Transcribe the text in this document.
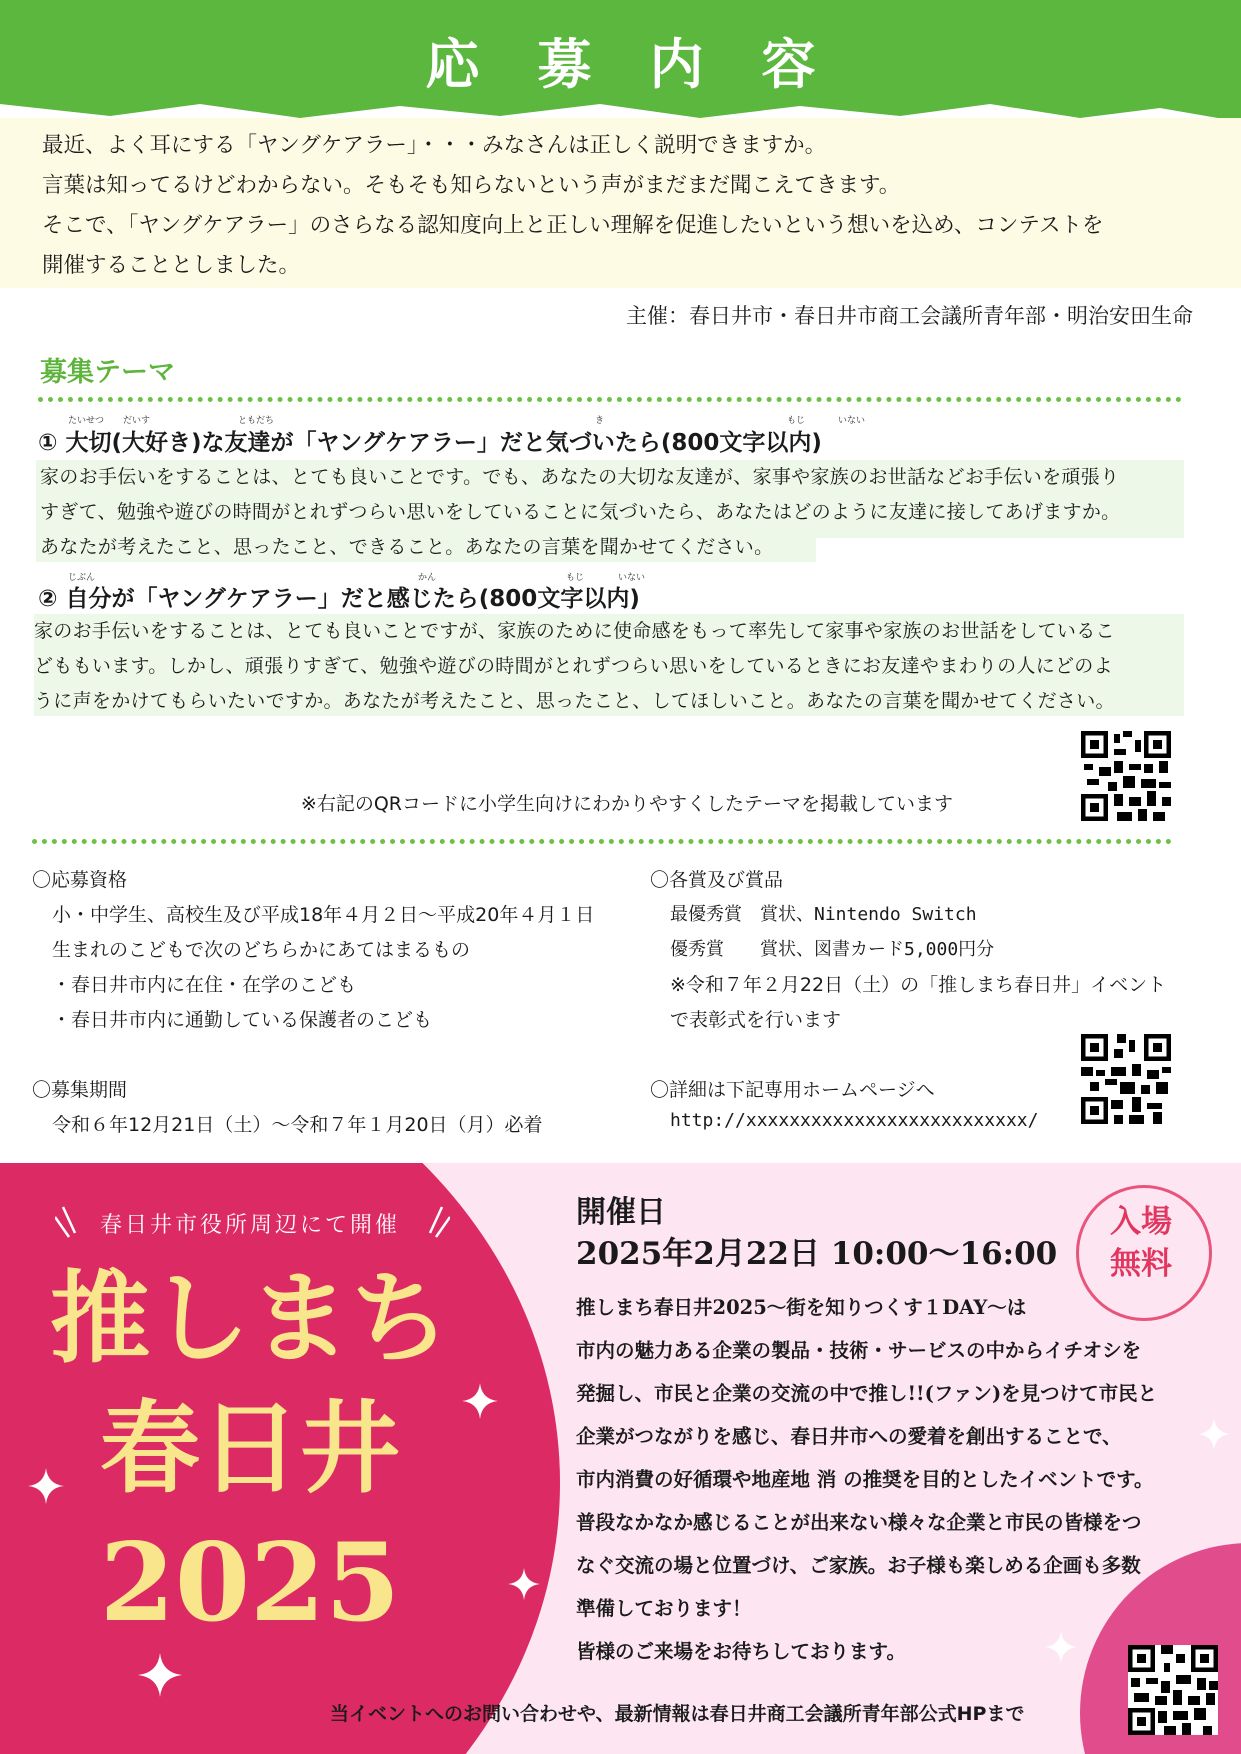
応募内容
最近、よく耳にする「ヤングケアラー」・・・みなさんは正しく説明できますか。
言葉は知ってるけどわからない。そもそも知らないという声がまだまだ聞こえてきます。
そこで、「ヤングケアラー」のさらなる認知度向上と正しい理解を促進したいという想いを込め、コンテストを
開催することとしました。
主催：春日井市・春日井市商工会議所青年部・明治安田生命
募集テーマ
たいせつ だいす	ともだち	き	もじ	いない
① 大切(大好き)な友達が「ヤングケアラー」だと気づいたら(800文字以内)
家のお手伝いをすることは、とても良いことです。でも、あなたの大切な友達が、家事や家族のお世話などお手伝いを頑張り
すぎて、勉強や遊びの時間がとれずつらい思いをしていることに気づいたら、あなたはどのように友達に接してあげますか。
あなたが考えたこと、思ったこと、できること。あなたの言葉を聞かせてください。
じぶん	かん	もじ	いない
② 自分が「ヤングケアラー」だと感じたら(800文字以内)
家のお手伝いをすることは、とても良いことですが、家族のために使命感をもって率先して家事や家族のお世話をしているこ
どももいます。しかし、頑張りすぎて、勉強や遊びの時間がとれずつらい思いをしているときにお友達やまわりの人にどのよ
うに声をかけてもらいたいですか。あなたが考えたこと、思ったこと、してほしいこと。あなたの言葉を聞かせてください。
※右記のQRコードに小学生向けにわかりやすくしたテーマを掲載しています
〇応募資格
小・中学生、高校生及び平成18年４月２日～平成20年４月１日
生まれのこどもで次のどちらかにあてはまるもの
・春日井市内に在住・在学のこども
・春日井市内に通勤している保護者のこども
〇募集期間
令和６年12月21日（土）～令和７年１月20日（月）必着
〇各賞及び賞品
最優秀賞　賞状、Nintendo Switch
優秀賞　　賞状、図書カード5,000円分
※令和７年２月22日（土）の「推しまち春日井」イベント
で表彰式を行います
〇詳細は下記専用ホームページへ
http://xxxxxxxxxxxxxxxxxxxxxxxxxx/
春日井市役所周辺にて開催
推しまち
春日井
2025
開催日
2025年2月22日 10:00～16:00
入場
無料
推しまち春日井2025～街を知りつくす１DAY～は
市内の魅力ある企業の製品・技術・サービスの中からイチオシを
発掘し、市民と企業の交流の中で推し!!(ファン)を見つけて市民と
企業がつながりを感じ、春日井市への愛着を創出することで、
市内消費の好循環や地産地 消 の推奨を目的としたイベントです。
普段なかなか感じることが出来ない様々な企業と市民の皆様をつ
なぐ交流の場と位置づけ、ご家族。お子様も楽しめる企画も多数
準備しております！
皆様のご来場をお待ちしております。
当イベントへのお問い合わせや、最新情報は春日井商工会議所青年部公式HPまで
